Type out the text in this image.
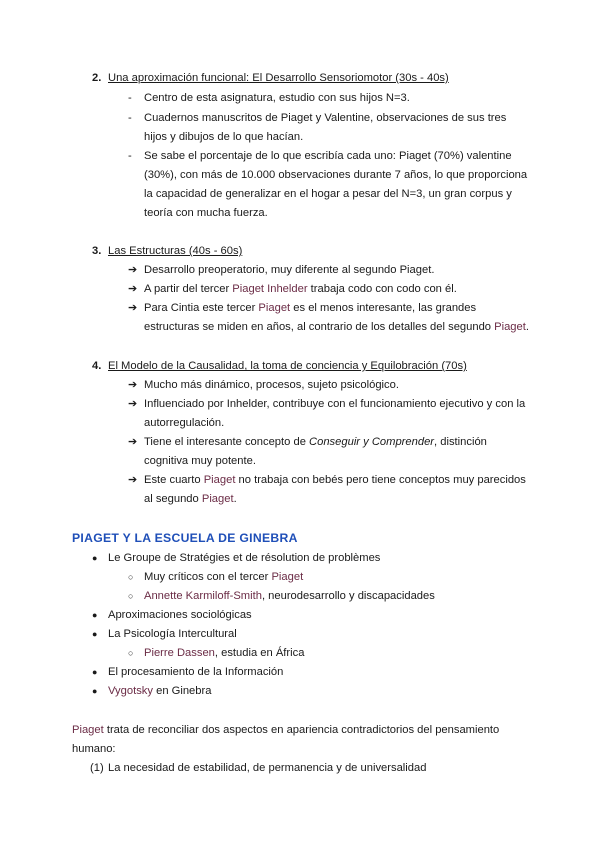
2. Una aproximación funcional: El Desarrollo Sensoriomotor (30s - 40s)
- Centro de esta asignatura, estudio con sus hijos N=3.
- Cuadernos manuscritos de Piaget y Valentine, observaciones de sus tres
hijos y dibujos de lo que hacían.
- Se sabe el porcentaje de lo que escribía cada uno: Piaget (70%) valentine
(30%), con más de 10.000 observaciones durante 7 años, lo que proporciona
la capacidad de generalizar en el hogar a pesar del N=3, un gran corpus y
teoría con mucha fuerza.
3. Las Estructuras (40s - 60s)
➔ Desarrollo preoperatorio, muy diferente al segundo Piaget.
➔ A partir del tercer Piaget Inhelder trabaja codo con codo con él.
➔ Para Cintia este tercer Piaget es el menos interesante, las grandes
estructuras se miden en años, al contrario de los detalles del segundo Piaget.
4. El Modelo de la Causalidad, la toma de conciencia y Equilobración (70s)
➔ Mucho más dinámico, procesos, sujeto psicológico.
➔ Influenciado por Inhelder, contribuye con el funcionamiento ejecutivo y con la
autorregulación.
➔ Tiene el interesante concepto de Conseguir y Comprender, distinción
cognitiva muy potente.
➔ Este cuarto Piaget no trabaja con bebés pero tiene conceptos muy parecidos
al segundo Piaget.
PIAGET Y LA ESCUELA DE GINEBRA
● Le Groupe de Stratégies et de résolution de problèmes
○ Muy críticos con el tercer Piaget
○ Annette Karmiloff-Smith, neurodesarrollo y discapacidades
● Aproximaciones sociológicas
● La Psicología Intercultural
○ Pierre Dassen, estudia en África
● El procesamiento de la Información
● Vygotsky en Ginebra
Piaget trata de reconciliar dos aspectos en apariencia contradictorios del pensamiento
humano:
(1) La necesidad de estabilidad, de permanencia y de universalidad
